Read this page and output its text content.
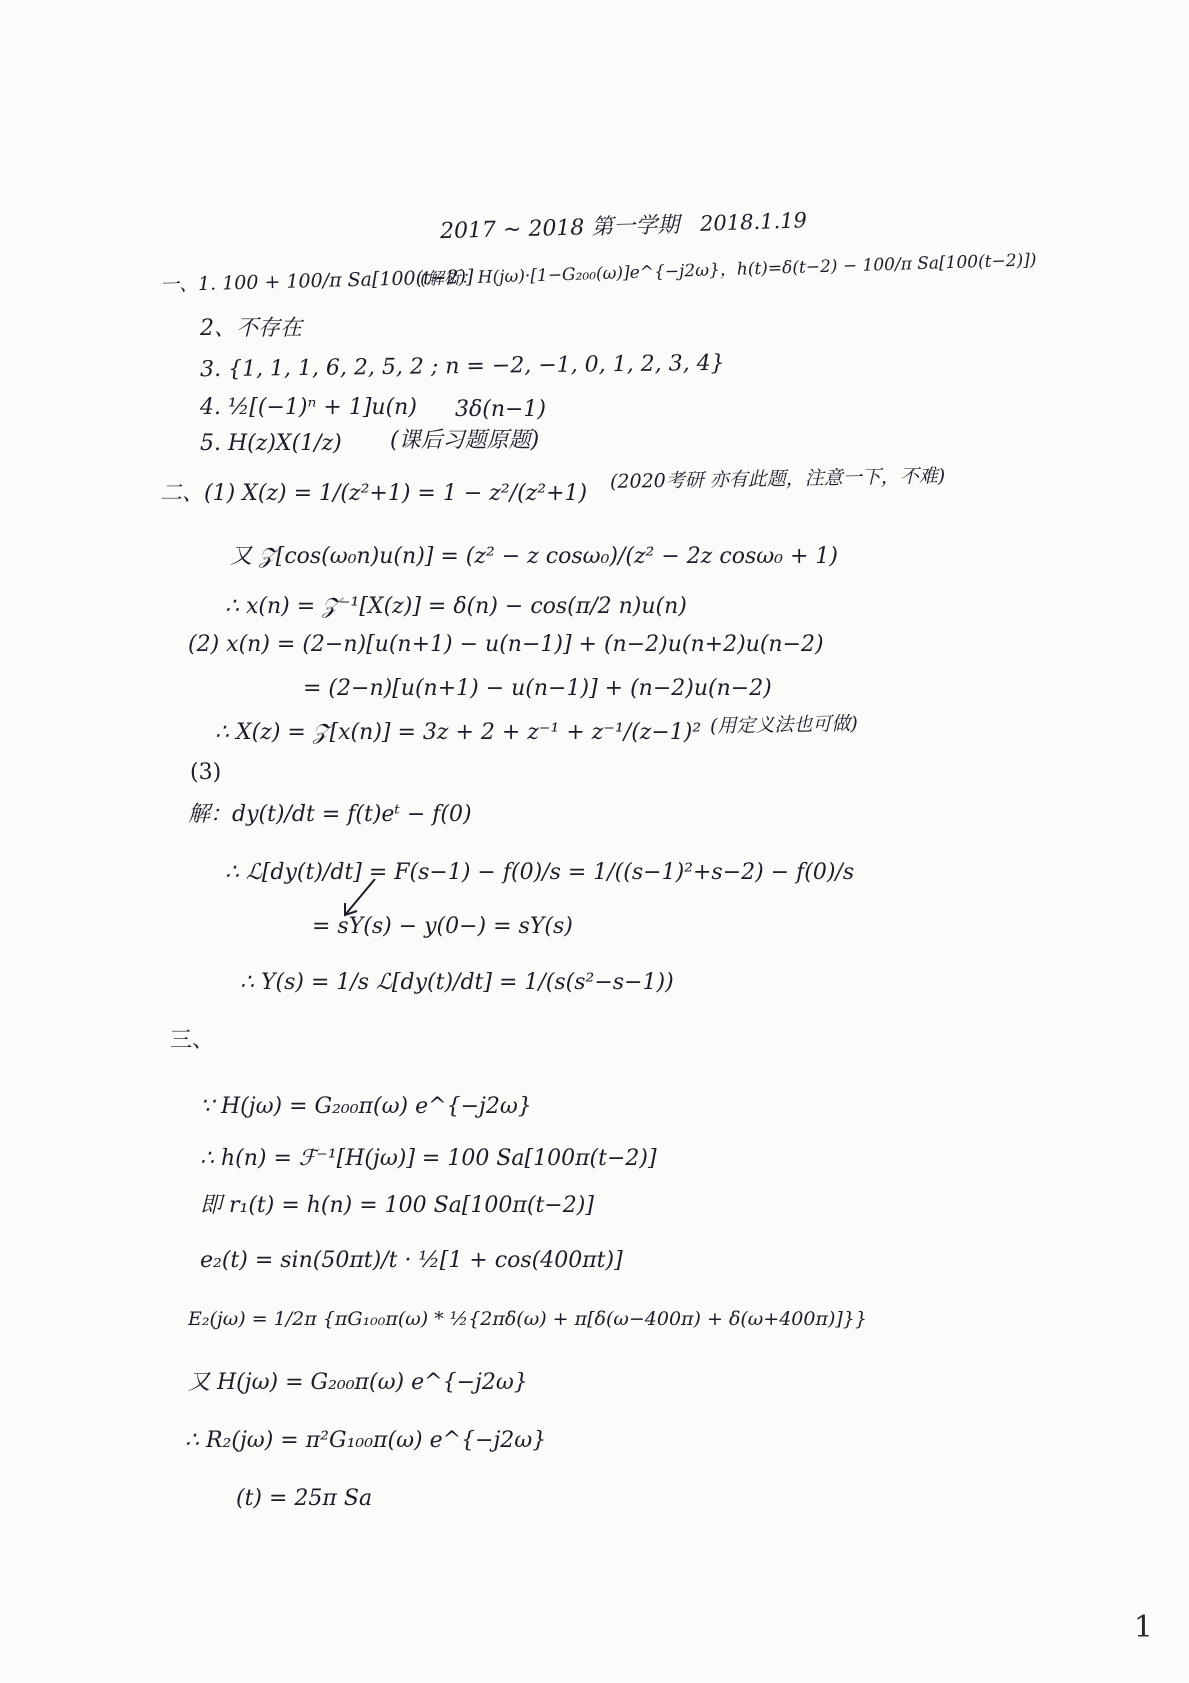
2017 ~ 2018 第一学期 2018.1.19
一、1. 100 + 100/π Sa[100(t−2)]
(解析：H(jω)·[1−G₂₀₀(ω)]e^{−j2ω}，h(t)=δ(t−2) − 100/π Sa[100(t−2)])
2、不存在
3. {1, 1, 1, 6, 2, 5, 2 ; n = −2, −1, 0, 1, 2, 3, 4}
4. ½[(−1)ⁿ + 1]u(n) 3δ(n−1)
5. H(z)X(1/z) (课后习题原题)
二、(1) X(z) = 1/(z²+1) = 1 − z²/(z²+1)
(2020考研 亦有此题，注意一下，不难)
又 𝒵[cos(ω₀n)u(n)] = (z² − z cosω₀)/(z² − 2z cosω₀ + 1)
∴ x(n) = 𝒵⁻¹[X(z)] = δ(n) − cos(π/2 n)u(n)
(2) x(n) = (2−n)[u(n+1) − u(n−1)] + (n−2)u(n+2)u(n−2)
= (2−n)[u(n+1) − u(n−1)] + (n−2)u(n−2)
∴ X(z) = 𝒵[x(n)] = 3z + 2 + z⁻¹ + z⁻¹/(z−1)² (用定义法也可做)
(3)
解：dy(t)/dt = f(t)eᵗ − f(0)
∴ ℒ[dy(t)/dt] = F(s−1) − f(0)/s = 1/((s−1)²+s−2) − f(0)/s
= sY(s) − y(0−) = sY(s)
∴ Y(s) = 1/s ℒ[dy(t)/dt] = 1/(s(s²−s−1))
三、
∵ H(jω) = G₂₀₀π(ω) e^{−j2ω}
∴ h(n) = ℱ⁻¹[H(jω)] = 100 Sa[100π(t−2)]
即 r₁(t) = h(n) = 100 Sa[100π(t−2)]
e₂(t) = sin(50πt)/t · ½[1 + cos(400πt)]
E₂(jω) = 1/2π {πG₁₀₀π(ω) * ½{2πδ(ω) + π[δ(ω−400π) + δ(ω+400π)]}}
又 H(jω) = G₂₀₀π(ω) e^{−j2ω}
∴ R₂(jω) = π²G₁₀₀π(ω) e^{−j2ω}
(t) = 25π Sa
1
